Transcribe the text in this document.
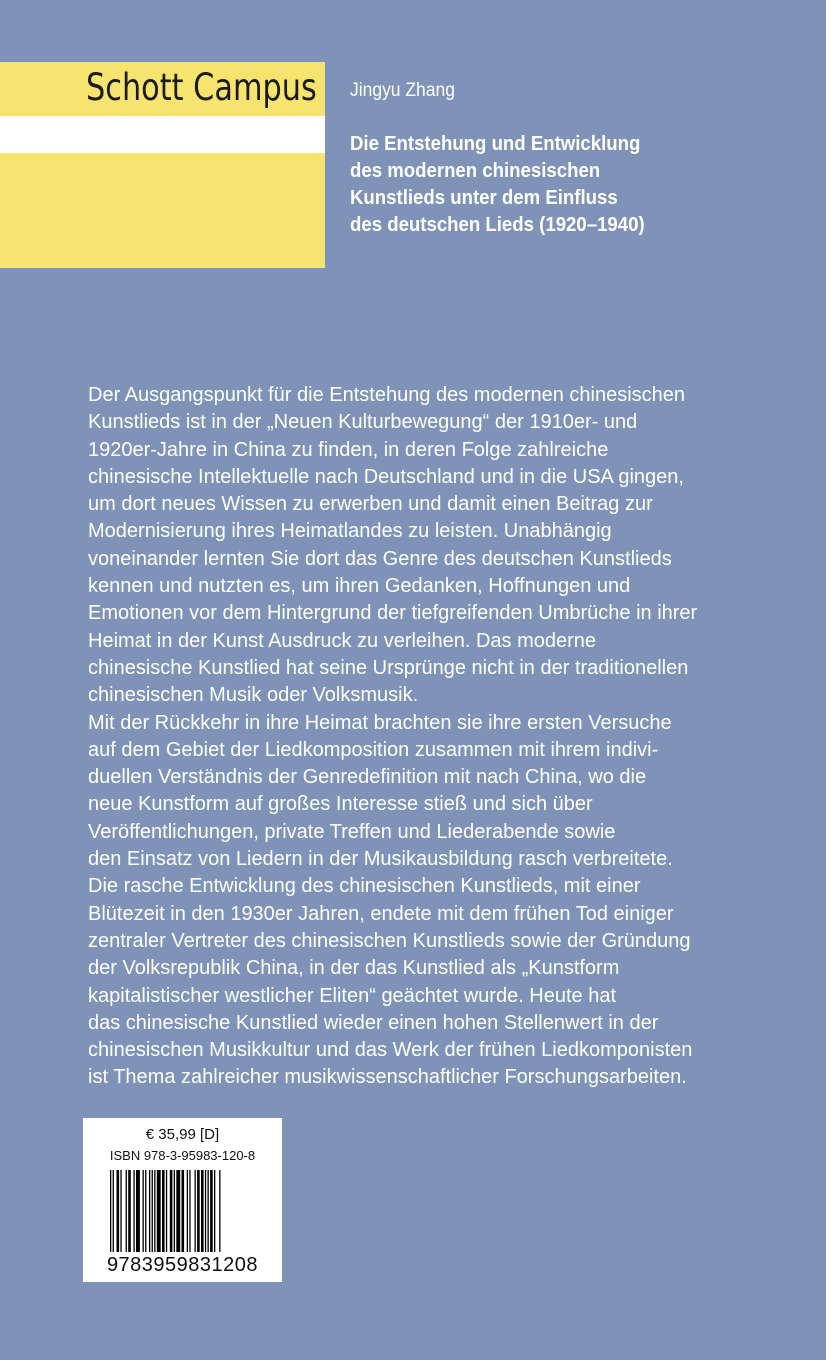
Schott Campus Jingyu Zhang
Die Entstehung und Entwicklung
des modernen chinesischen
Kunstlieds unter dem Einfluss
des deutschen Lieds (1920–1940)
Der Ausgangspunkt für die Entstehung des modernen chinesischen
Kunstlieds ist in der „Neuen Kulturbewegung“ der 1910er- und
1920er-Jahre in China zu finden, in deren Folge zahlreiche
chinesische Intellektuelle nach Deutschland und in die USA gingen,
um dort neues Wissen zu erwerben und damit einen Beitrag zur
Modernisierung ihres Heimatlandes zu leisten. Unabhängig
voneinander lernten Sie dort das Genre des deutschen Kunstlieds
kennen und nutzten es, um ihren Gedanken, Hoffnungen und
Emotionen vor dem Hintergrund der tiefgreifenden Umbrüche in ihrer
Heimat in der Kunst Ausdruck zu verleihen. Das moderne
chinesische Kunstlied hat seine Ursprünge nicht in der traditionellen
chinesischen Musik oder Volksmusik.
Mit der Rückkehr in ihre Heimat brachten sie ihre ersten Versuche
auf dem Gebiet der Liedkomposition zusammen mit ihrem indivi-
duellen Verständnis der Genredefinition mit nach China, wo die
neue Kunstform auf großes Interesse stieß und sich über
Veröffentlichungen, private Treffen und Liederabende sowie
den Einsatz von Liedern in der Musikausbildung rasch verbreitete.
Die rasche Entwicklung des chinesischen Kunstlieds, mit einer
Blütezeit in den 1930er Jahren, endete mit dem frühen Tod einiger
zentraler Vertreter des chinesischen Kunstlieds sowie der Gründung
der Volksrepublik China, in der das Kunstlied als „Kunstform
kapitalistischer westlicher Eliten“ geächtet wurde. Heute hat
das chinesische Kunstlied wieder einen hohen Stellenwert in der
chinesischen Musikkultur und das Werk der frühen Liedkomponisten
ist Thema zahlreicher musikwissenschaftlicher Forschungsarbeiten.
€ 35,99 [D]
ISBN 978-3-95983-120-8
9783959831208
